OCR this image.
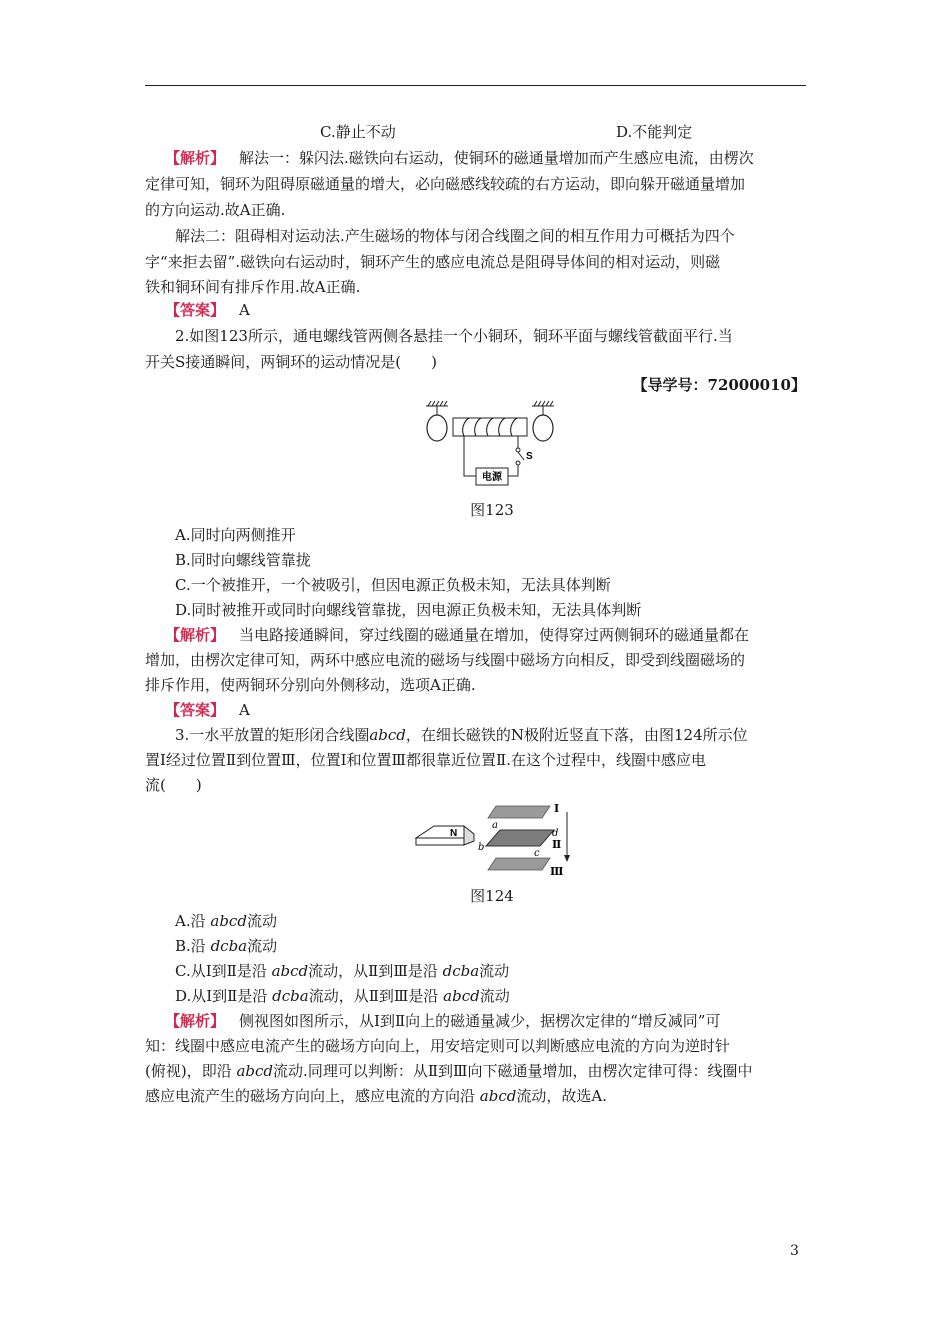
C.静止不动	D.不能判定
【解析】 解法一：躲闪法.磁铁向右运动，使铜环的磁通量增加而产生感应电流，由楞次
定律可知，铜环为阻碍原磁通量的增大，必向磁感线较疏的右方运动，即向躲开磁通量增加
的方向运动.故A正确.
解法二：阻碍相对运动法.产生磁场的物体与闭合线圈之间的相互作用力可概括为四个
字“来拒去留”.磁铁向右运动时，铜环产生的感应电流总是阻碍导体间的相对运动，则磁
铁和铜环间有排斥作用.故A正确.
【答案】 A
2.如图123所示，通电螺线管两侧各悬挂一个小铜环，铜环平面与螺线管截面平行.当
开关S接通瞬间，两铜环的运动情况是(　　)
【导学号：72000010】
S
电源
图123
A.同时向两侧推开
B.同时向螺线管靠拢
C.一个被推开，一个被吸引，但因电源正负极未知，无法具体判断
D.同时被推开或同时向螺线管靠拢，因电源正负极未知，无法具体判断
【解析】 当电路接通瞬间，穿过线圈的磁通量在增加，使得穿过两侧铜环的磁通量都在
增加，由楞次定律可知，两环中感应电流的磁场与线圈中磁场方向相反，即受到线圈磁场的
排斥作用，使两铜环分别向外侧移动，选项A正确.
【答案】 A
3.一水平放置的矩形闭合线圈abcd，在细长磁铁的N极附近竖直下落，由图124所示位
置Ⅰ经过位置Ⅱ到位置Ⅲ，位置Ⅰ和位置Ⅲ都很靠近位置Ⅱ.在这个过程中，线圈中感应电
流(　　)
N
a
b
c
d
Ⅰ
Ⅱ
Ⅲ
图124
A.沿 abcd流动
B.沿 dcba流动
C.从Ⅰ到Ⅱ是沿 abcd流动，从Ⅱ到Ⅲ是沿 dcba流动
D.从Ⅰ到Ⅱ是沿 dcba流动，从Ⅱ到Ⅲ是沿 abcd流动
【解析】 侧视图如图所示，从Ⅰ到Ⅱ向上的磁通量减少，据楞次定律的“增反减同”可
知：线圈中感应电流产生的磁场方向向上，用安培定则可以判断感应电流的方向为逆时针
(俯视)，即沿 abcd流动.同理可以判断：从Ⅱ到Ⅲ向下磁通量增加，由楞次定律可得：线圈中
感应电流产生的磁场方向向上，感应电流的方向沿 abcd流动，故选A.
3
